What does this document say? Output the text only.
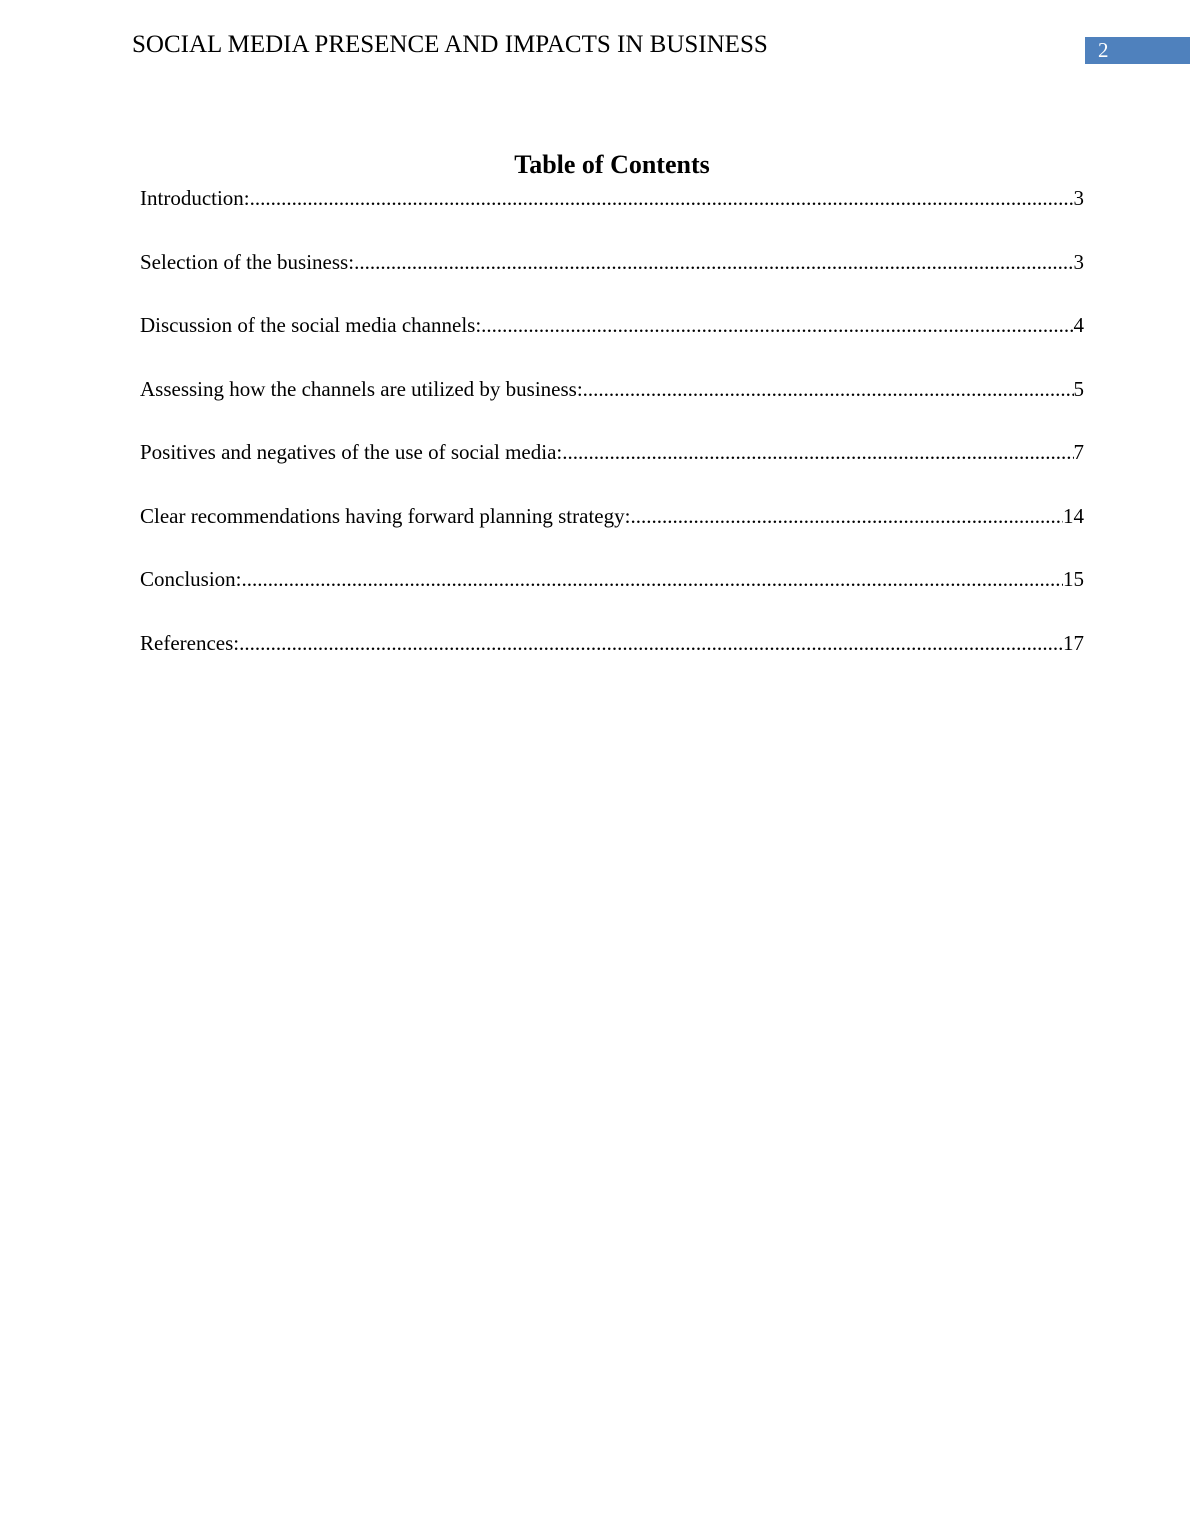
SOCIAL MEDIA PRESENCE AND IMPACTS IN BUSINESS	2
Table of Contents
Introduction: .....	3
Selection of the business: .....	3
Discussion of the social media channels: .....	4
Assessing how the channels are utilized by business: .....	5
Positives and negatives of the use of social media: .....	7
Clear recommendations having forward planning strategy: .....	14
Conclusion: .....	15
References: .....	17
